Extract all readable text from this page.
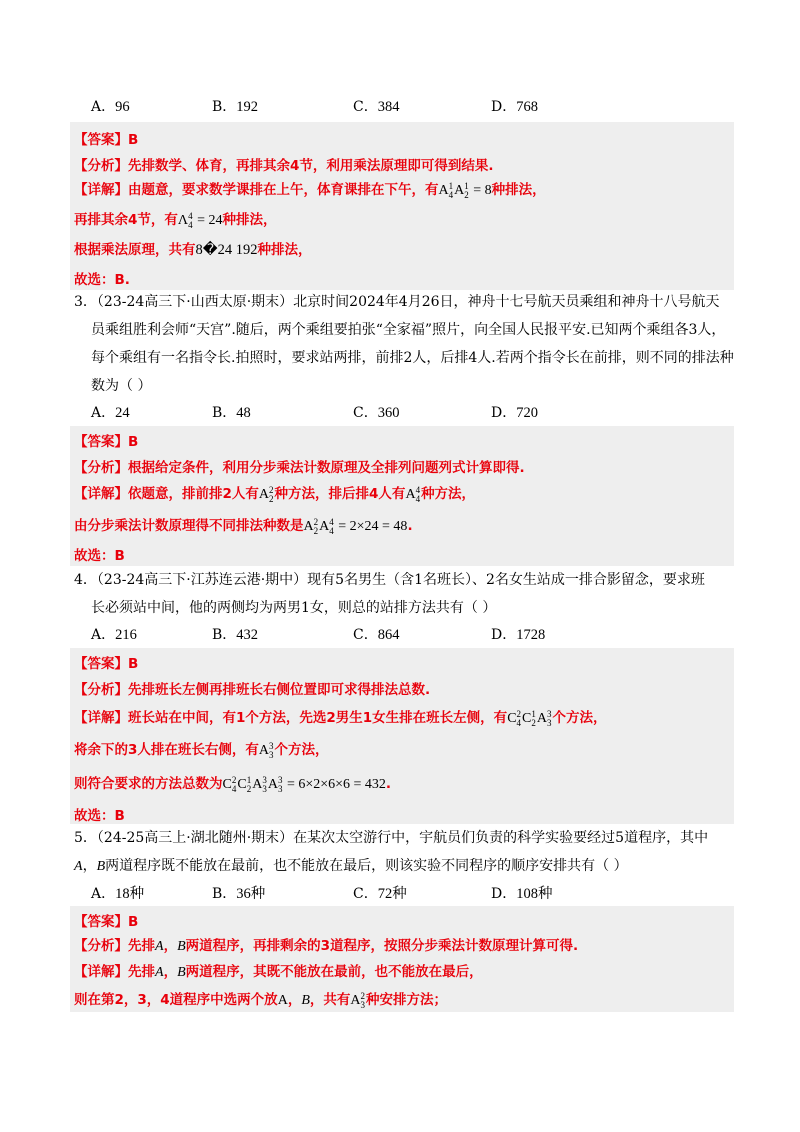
A．96	B．192	C．384	D．768
【答案】B
【分析】先排数学、体育，再排其余4节，利用乘法原理即可得到结果.
【详解】由题意，要求数学课排在上午，体育课排在下午，有A 1
4 A 1
2 = 8种排法，
再排其余4节，有Λ 4
4 = 24种排法，
根据乘法原理，共有8�24 192种排法，
故选：B.
3．（23-24高三下·山西太原·期末）北京时间2024年4月26日，神舟十七号航天员乘组和神舟十八号航天
员乘组胜利会师“天宫”.随后，两个乘组要拍张“全家福”照片，向全国人民报平安.已知两个乘组各3人，
每个乘组有一名指令长.拍照时，要求站两排，前排2人，后排4人.若两个指令长在前排，则不同的排法种
数为（ ）
A．24	B．48	C．360	D．720
【答案】B
【分析】根据给定条件，利用分步乘法计数原理及全排列问题列式计算即得.
【详解】依题意，排前排2人有A 2
2 种方法，排后排4人有A 4
4 种方法，
由分步乘法计数原理得不同排法种数是A 2
2 A 4
4 = 2×24 = 48.
故选：B
4．（23-24高三下·江苏连云港·期中）现有5名男生（含1名班长）、2名女生站成一排合影留念，要求班
长必须站中间，他的两侧均为两男1女，则总的站排方法共有（ ）
A．216	B．432	C．864	D．1728
【答案】B
【分析】先排班长左侧再排班长右侧位置即可求得排法总数.
【详解】班长站在中间，有1个方法，先选2男生1女生排在班长左侧，有C 2
4 C 1
2 A 3
3 个方法，
将余下的3人排在班长右侧，有A 3
3 个方法，
则符合要求的方法总数为C 2
4 C 1
2 A 3
3 A 3
3 = 6×2×6×6 = 432.
故选：B
5．（24-25高三上·湖北随州·期末）在某次太空游行中，宇航员们负责的科学实验要经过5道程序，其中
A，B两道程序既不能放在最前，也不能放在最后，则该实验不同程序的顺序安排共有（ ）
A．18种	B．36种	C．72种	D．108种
【答案】B
【分析】先排A，B两道程序，再排剩余的3道程序，按照分步乘法计数原理计算可得.
【详解】先排A，B两道程序，其既不能放在最前，也不能放在最后，
则在第2，3，4道程序中选两个放A，B，共有A 2
3 种安排方法；
